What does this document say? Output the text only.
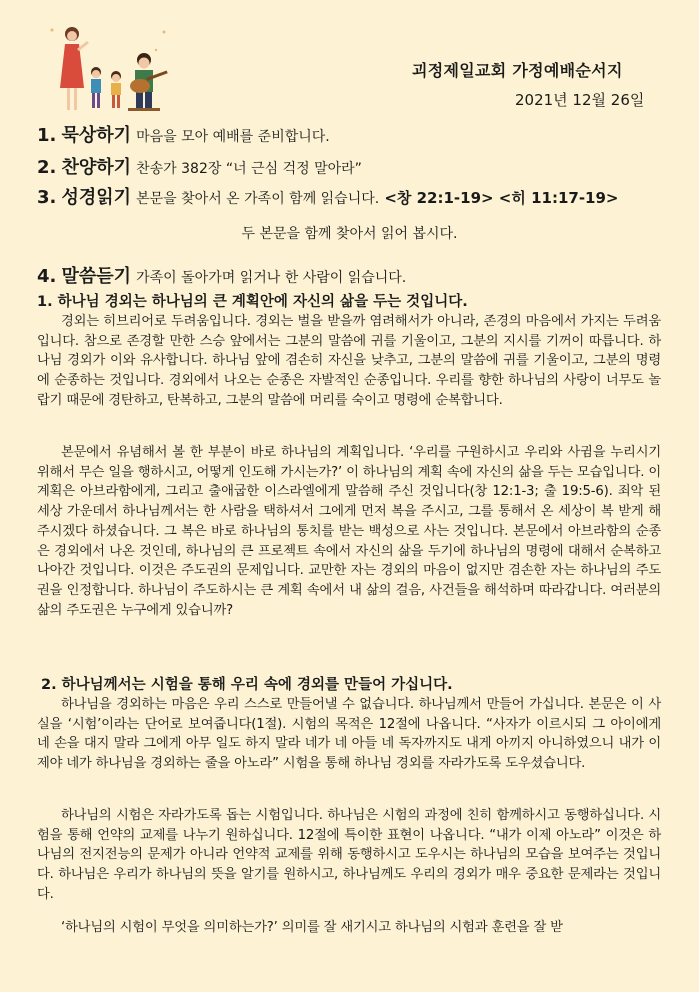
괴정제일교회 가정예배순서지
2021년 12월 26일
1. 묵상하기 마음을 모아 예배를 준비합니다.
2. 찬양하기 찬송가 382장 “너 근심 걱정 말아라”
3. 성경읽기 본문을 찾아서 온 가족이 함께 읽습니다. <창 22:1-19> <히 11:17-19>
두 본문을 함께 찾아서 읽어 봅시다.
4. 말씀듣기 가족이 돌아가며 읽거나 한 사람이 읽습니다.
1. 하나님 경외는 하나님의 큰 계획안에 자신의 삶을 두는 것입니다.
경외는 히브리어로 두려움입니다. 경외는 벌을 받을까 염려해서가 아니라, 존경의 마음에서 가지는 두려움입니다. 참으로 존경할 만한 스승 앞에서는 그분의 말씀에 귀를 기울이고, 그분의 지시를 기꺼이 따릅니다. 하나님 경외가 이와 유사합니다. 하나님 앞에 겸손히 자신을 낮추고, 그분의 말씀에 귀를 기울이고, 그분의 명령에 순종하는 것입니다. 경외에서 나오는 순종은 자발적인 순종입니다. 우리를 향한 하나님의 사랑이 너무도 놀랍기 때문에 경탄하고, 탄복하고, 그분의 말씀에 머리를 숙이고 명령에 순복합니다.
본문에서 유념해서 볼 한 부분이 바로 하나님의 계획입니다. ‘우리를 구원하시고 우리와 사귐을 누리시기 위해서 무슨 일을 행하시고, 어떻게 인도해 가시는가?’ 이 하나님의 계획 속에 자신의 삶을 두는 모습입니다. 이 계획은 아브라함에게, 그리고 출애굽한 이스라엘에게 말씀해 주신 것입니다(창 12:1-3; 출 19:5-6). 죄악 된 세상 가운데서 하나님께서는 한 사람을 택하셔서 그에게 먼저 복을 주시고, 그를 통해서 온 세상이 복 받게 해 주시겠다 하셨습니다. 그 복은 바로 하나님의 통치를 받는 백성으로 사는 것입니다. 본문에서 아브라함의 순종은 경외에서 나온 것인데, 하나님의 큰 프로젝트 속에서 자신의 삶을 두기에 하나님의 명령에 대해서 순복하고 나아간 것입니다. 이것은 주도권의 문제입니다. 교만한 자는 경외의 마음이 없지만 겸손한 자는 하나님의 주도권을 인정합니다. 하나님이 주도하시는 큰 계획 속에서 내 삶의 걸음, 사건들을 해석하며 따라갑니다. 여러분의 삶의 주도권은 누구에게 있습니까?
2. 하나님께서는 시험을 통해 우리 속에 경외를 만들어 가십니다.
하나님을 경외하는 마음은 우리 스스로 만들어낼 수 없습니다. 하나님께서 만들어 가십니다. 본문은 이 사실을 ‘시험’이라는 단어로 보여줍니다(1절). 시험의 목적은 12절에 나옵니다. “사자가 이르시되 그 아이에게 네 손을 대지 말라 그에게 아무 일도 하지 말라 네가 네 아들 네 독자까지도 내게 아끼지 아니하였으니 내가 이제야 네가 하나님을 경외하는 줄을 아노라” 시험을 통해 하나님 경외를 자라가도록 도우셨습니다.
하나님의 시험은 자라가도록 돕는 시험입니다. 하나님은 시험의 과정에 친히 함께하시고 동행하십니다. 시험을 통해 언약의 교제를 나누기 원하십니다. 12절에 특이한 표현이 나옵니다. “내가 이제 아노라” 이것은 하나님의 전지전능의 문제가 아니라 언약적 교제를 위해 동행하시고 도우시는 하나님의 모습을 보여주는 것입니다. 하나님은 우리가 하나님의 뜻을 알기를 원하시고, 하나님께도 우리의 경외가 매우 중요한 문제라는 것입니다.
‘하나님의 시험이 무엇을 의미하는가?’ 의미를 잘 새기시고 하나님의 시험과 훈련을 잘 받
